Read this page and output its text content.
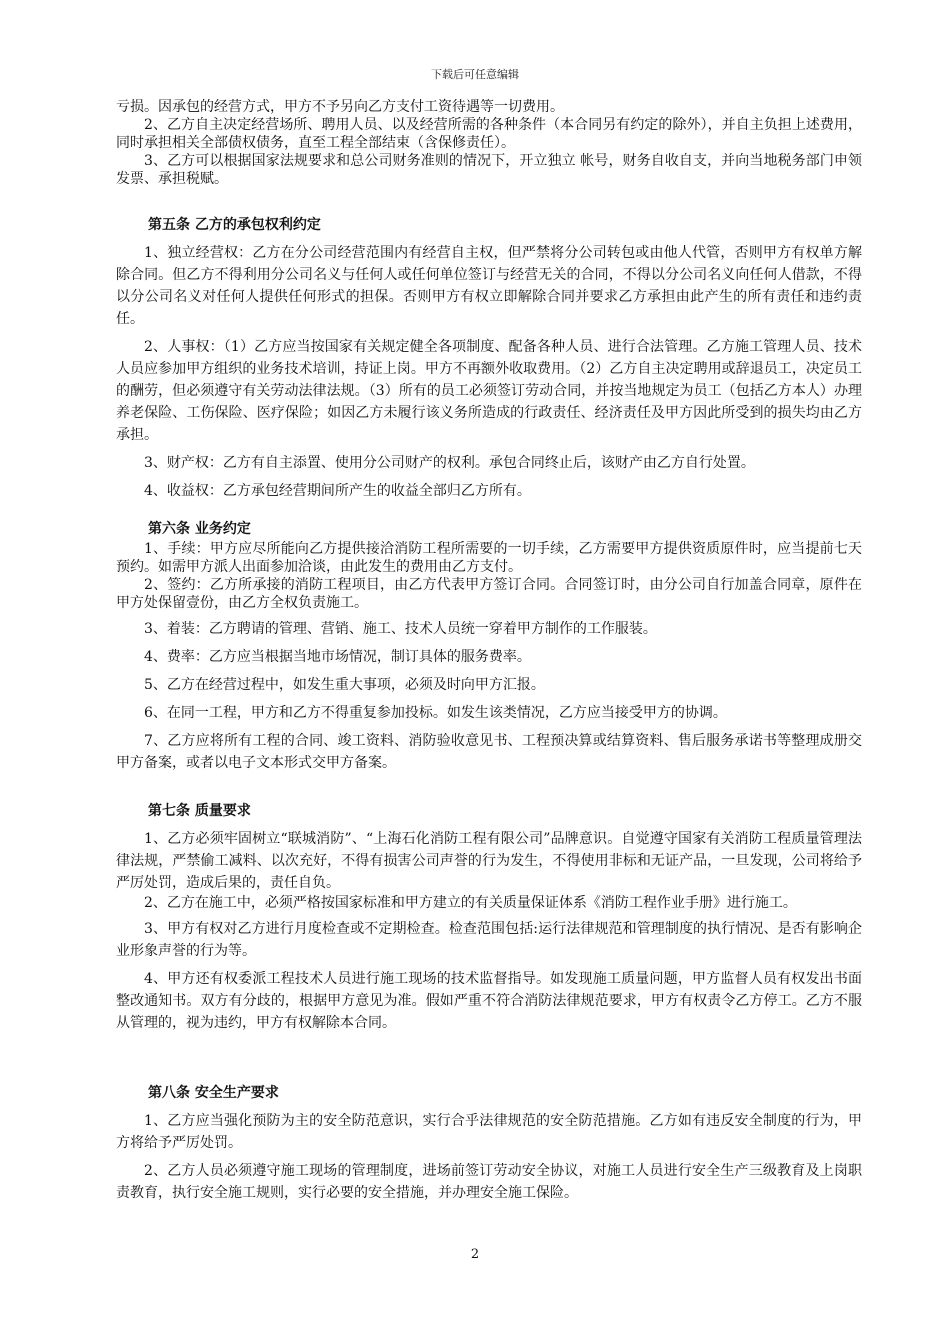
下载后可任意编辑

亏损。因承包的经营方式，甲方不予另向乙方支付工资待遇等一切费用。

2、乙方自主决定经营场所、聘用人员、以及经营所需的各种条件（本合同另有约定的除外），并自主负担上述费用，同时承担相关全部债权债务，直至工程全部结束（含保修责任）。

3、乙方可以根据国家法规要求和总公司财务准则的情况下，开立独立 帐号，财务自收自支，并向当地税务部门申领发票、承担税赋。

第五条 乙方的承包权利约定

1、独立经营权：乙方在分公司经营范围内有经营自主权，但严禁将分公司转包或由他人代管，否则甲方有权单方解除合同。但乙方不得利用分公司名义与任何人或任何单位签订与经营无关的合同，不得以分公司名义向任何人借款，不得以分公司名义对任何人提供任何形式的担保。否则甲方有权立即解除合同并要求乙方承担由此产生的所有责任和违约责任。

2、人事权：（1）乙方应当按国家有关规定健全各项制度、配备各种人员、进行合法管理。乙方施工管理人员、技术人员应参加甲方组织的业务技术培训，持证上岗。甲方不再额外收取费用。（2）乙方自主决定聘用或辞退员工，决定员工的酬劳，但必须遵守有关劳动法律法规。（3）所有的员工必须签订劳动合同，并按当地规定为员工（包括乙方本人）办理养老保险、工伤保险、医疗保险；如因乙方未履行该义务所造成的行政责任、经济责任及甲方因此所受到的损失均由乙方承担。

3、财产权：乙方有自主添置、使用分公司财产的权利。承包合同终止后，该财产由乙方自行处置。

4、收益权：乙方承包经营期间所产生的收益全部归乙方所有。

第六条 业务约定

1、手续：甲方应尽所能向乙方提供接洽消防工程所需要的一切手续，乙方需要甲方提供资质原件时，应当提前七天预约。如需甲方派人出面参加洽谈，由此发生的费用由乙方支付。

2、签约：乙方所承接的消防工程项目，由乙方代表甲方签订合同。合同签订时，由分公司自行加盖合同章，原件在甲方处保留壹份，由乙方全权负责施工。

3、着装：乙方聘请的管理、营销、施工、技术人员统一穿着甲方制作的工作服装。

4、费率：乙方应当根据当地市场情况，制订具体的服务费率。

5、乙方在经营过程中，如发生重大事项，必须及时向甲方汇报。

6、在同一工程，甲方和乙方不得重复参加投标。如发生该类情况，乙方应当接受甲方的协调。

7、乙方应将所有工程的合同、竣工资料、消防验收意见书、工程预决算或结算资料、售后服务承诺书等整理成册交甲方备案，或者以电子文本形式交甲方备案。

第七条 质量要求

1、乙方必须牢固树立“联城消防”、“上海石化消防工程有限公司”品牌意识。自觉遵守国家有关消防工程质量管理法律法规，严禁偷工减料、以次充好，不得有损害公司声誉的行为发生，不得使用非标和无证产品，一旦发现，公司将给予严厉处罚，造成后果的，责任自负。

2、乙方在施工中，必须严格按国家标准和甲方建立的有关质量保证体系《消防工程作业手册》进行施工。

3、甲方有权对乙方进行月度检查或不定期检查。检查范围包括:运行法律规范和管理制度的执行情况、是否有影响企业形象声誉的行为等。

4、甲方还有权委派工程技术人员进行施工现场的技术监督指导。如发现施工质量问题，甲方监督人员有权发出书面整改通知书。双方有分歧的，根据甲方意见为准。假如严重不符合消防法律规范要求，甲方有权责令乙方停工。乙方不服从管理的，视为违约，甲方有权解除本合同。

第八条 安全生产要求

1、乙方应当强化预防为主的安全防范意识，实行合乎法律规范的安全防范措施。乙方如有违反安全制度的行为，甲方将给予严厉处罚。

2、乙方人员必须遵守施工现场的管理制度，进场前签订劳动安全协议，对施工人员进行安全生产三级教育及上岗职责教育，执行安全施工规则，实行必要的安全措施，并办理安全施工保险。

2
